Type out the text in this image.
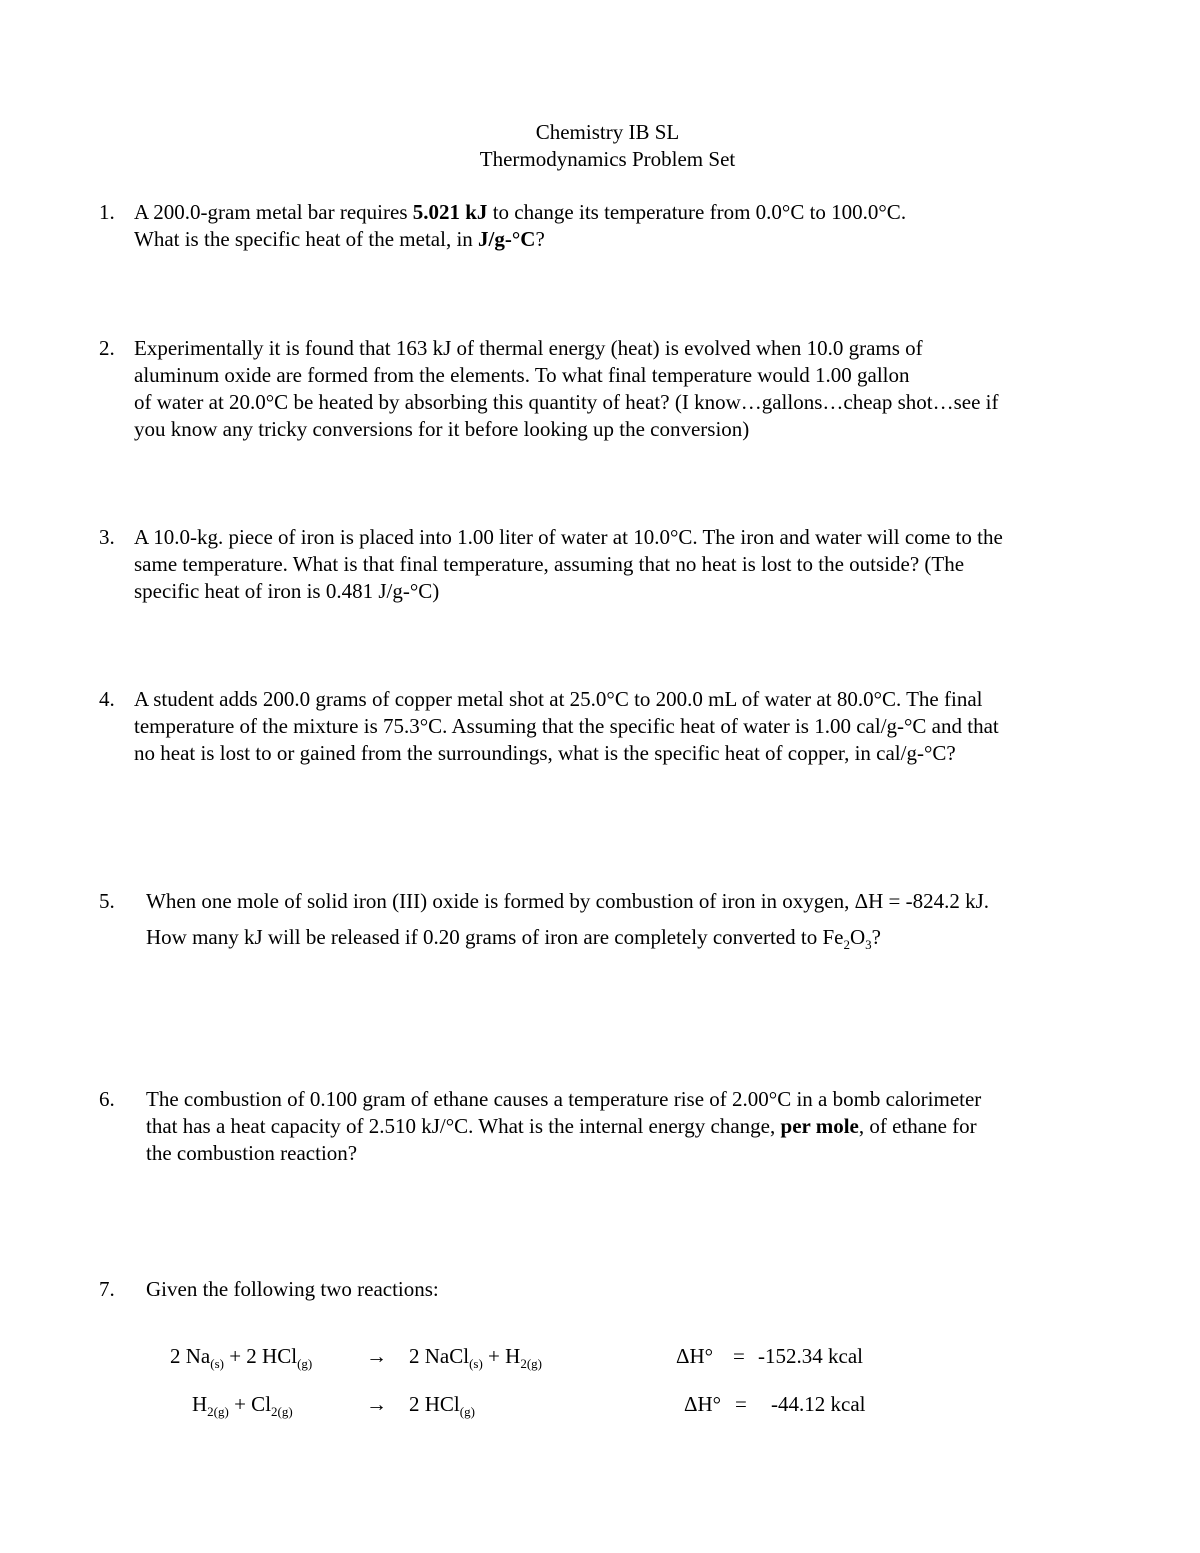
Chemistry IB SL
Thermodynamics Problem Set
1. A 200.0-gram metal bar requires 5.021 kJ to change its temperature from 0.0°C to 100.0°C.
What is the specific heat of the metal, in J/g-°C?
2. Experimentally it is found that 163 kJ of thermal energy (heat) is evolved when 10.0 grams of
aluminum oxide are formed from the elements. To what final temperature would 1.00 gallon
of water at 20.0°C be heated by absorbing this quantity of heat? (I know…gallons…cheap shot…see if
you know any tricky conversions for it before looking up the conversion)
3. A 10.0-kg. piece of iron is placed into 1.00 liter of water at 10.0°C. The iron and water will come to the
same temperature. What is that final temperature, assuming that no heat is lost to the outside? (The
specific heat of iron is 0.481 J/g-°C)
4. A student adds 200.0 grams of copper metal shot at 25.0°C to 200.0 mL of water at 80.0°C. The final
temperature of the mixture is 75.3°C. Assuming that the specific heat of water is 1.00 cal/g-°C and that
no heat is lost to or gained from the surroundings, what is the specific heat of copper, in cal/g-°C?
5. When one mole of solid iron (III) oxide is formed by combustion of iron in oxygen, ΔH = -824.2 kJ.
How many kJ will be released if 0.20 grams of iron are completely converted to $Fe_2O_3$?
6. The combustion of 0.100 gram of ethane causes a temperature rise of 2.00°C in a bomb calorimeter
that has a heat capacity of 2.510 kJ/°C. What is the internal energy change, per mole, of ethane for
the combustion reaction?
7. Given the following two reactions:
2 $Na_{(s)} + 2$ HCl$_{(g)}$	→ 2 NaCl$_{(s)}$ + $H_{2(g)}$	ΔH° = -152.34 kcal
$H_{2(g)} + Cl_{2(g)}$	→ 2 HCl$_{(g)}$	ΔH° = -44.12 kcal
